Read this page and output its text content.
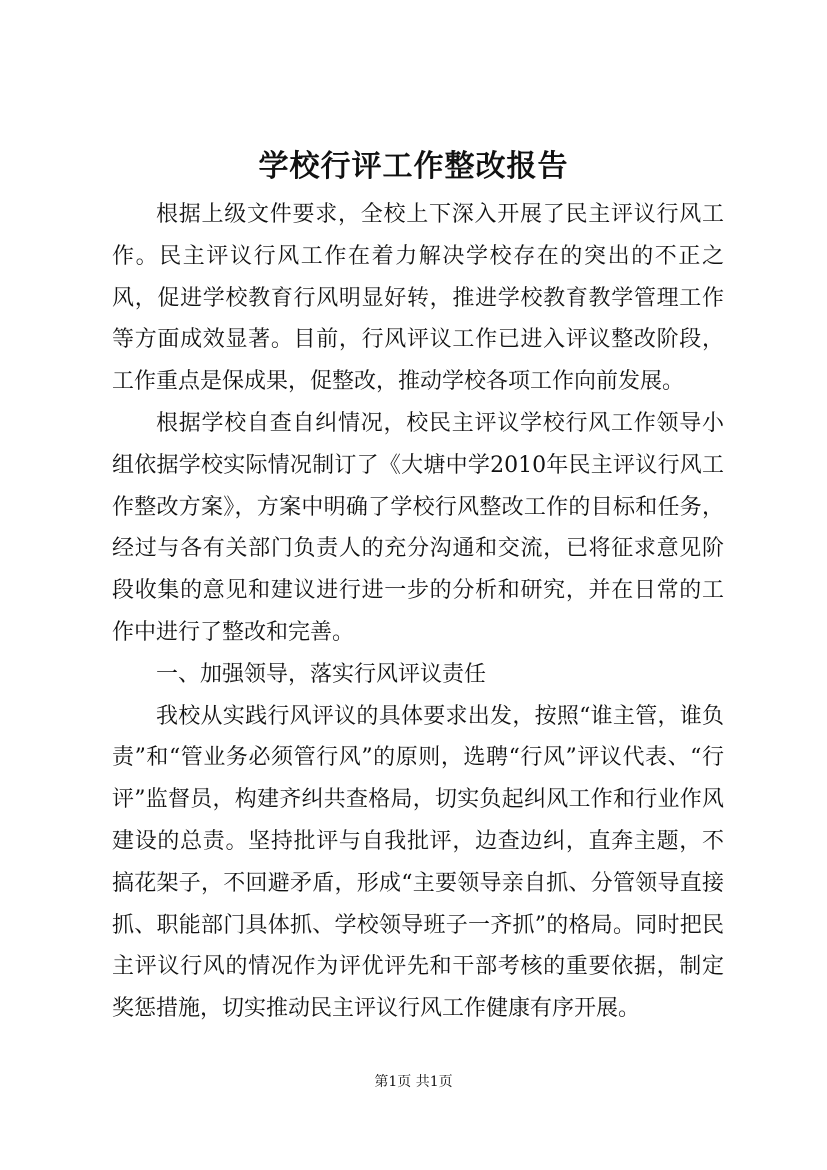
学校行评工作整改报告

根据上级文件要求，全校上下深入开展了民主评议行风工作。民主评议行风工作在着力解决学校存在的突出的不正之风，促进学校教育行风明显好转，推进学校教育教学管理工作等方面成效显著。目前，行风评议工作已进入评议整改阶段，工作重点是保成果，促整改，推动学校各项工作向前发展。

根据学校自查自纠情况，校民主评议学校行风工作领导小组依据学校实际情况制订了《大塘中学2010年民主评议行风工作整改方案》，方案中明确了学校行风整改工作的目标和任务，经过与各有关部门负责人的充分沟通和交流，已将征求意见阶段收集的意见和建议进行进一步的分析和研究，并在日常的工作中进行了整改和完善。

一、加强领导，落实行风评议责任

我校从实践行风评议的具体要求出发，按照“谁主管，谁负责”和“管业务必须管行风”的原则，选聘“行风”评议代表、“行评”监督员，构建齐纠共查格局，切实负起纠风工作和行业作风建设的总责。坚持批评与自我批评，边查边纠，直奔主题，不搞花架子，不回避矛盾，形成“主要领导亲自抓、分管领导直接抓、职能部门具体抓、学校领导班子一齐抓”的格局。同时把民主评议行风的情况作为评优评先和干部考核的重要依据，制定奖惩措施，切实推动民主评议行风工作健康有序开展。

第1页 共1页
